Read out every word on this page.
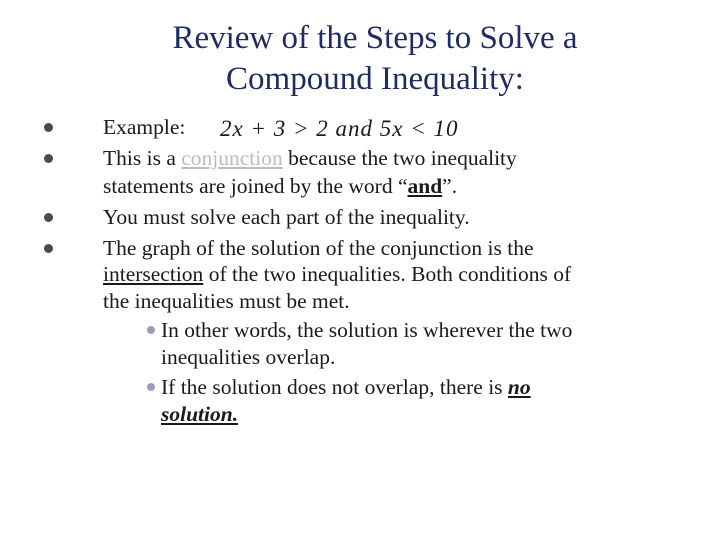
Review of the Steps to Solve a
Compound Inequality:
Example: 2x + 3 > 2 and 5x < 10
This is a conjunction because the two inequality
statements are joined by the word “and”.
You must solve each part of the inequality.
The graph of the solution of the conjunction is the
intersection of the two inequalities. Both conditions of
the inequalities must be met.
In other words, the solution is wherever the two
inequalities overlap.
If the solution does not overlap, there is no
solution.
